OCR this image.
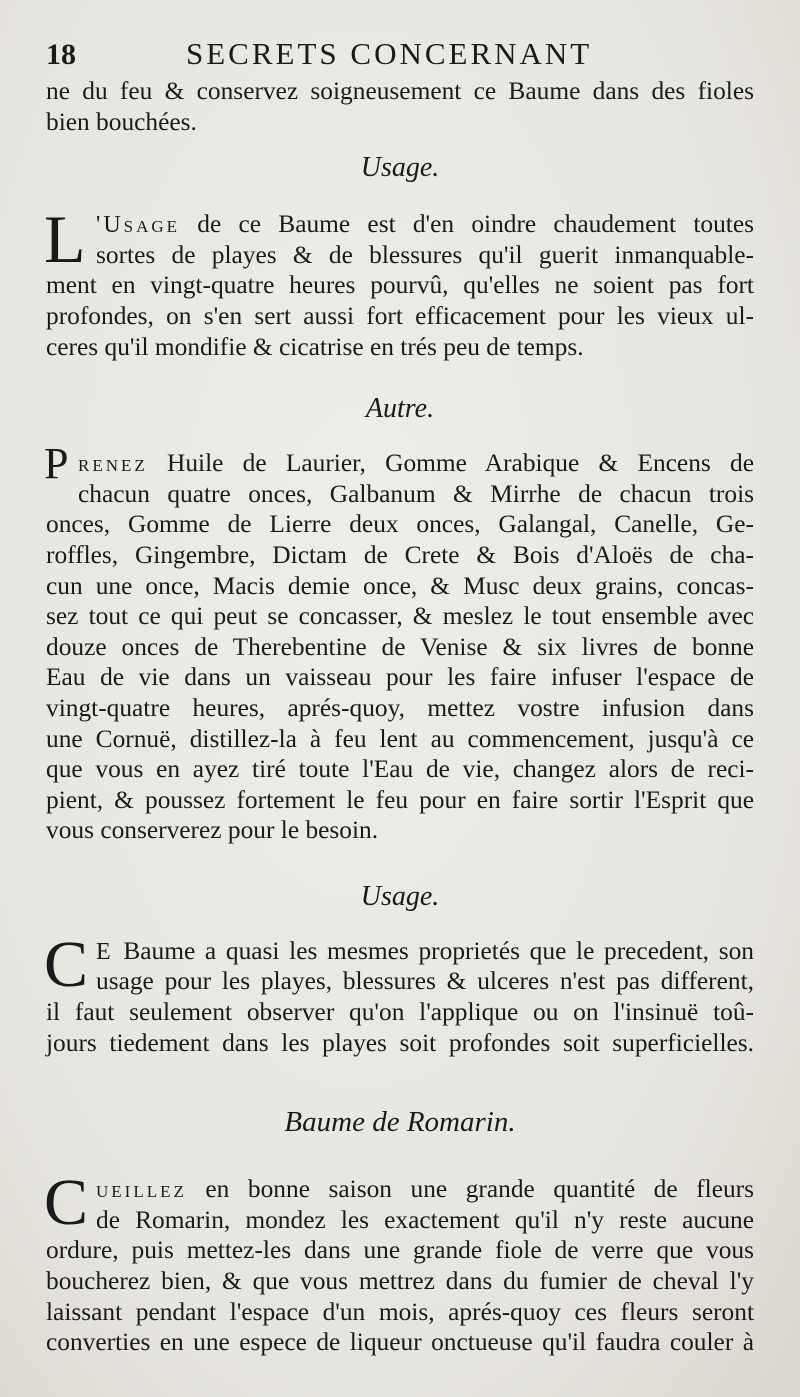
18	SECRETS CONCERNANT
ne du feu & conservez soigneusement ce Baume dans des fioles
bien bouchées.
Usage.
L 'Usage de ce Baume est d'en oindre chaudement toutes
sortes de playes & de blessures qu'il guerit inmanquable-
ment en vingt-quatre heures pourvû, qu'elles ne soient pas fort
profondes, on s'en sert aussi fort efficacement pour les vieux ul-
ceres qu'il mondifie & cicatrise en trés peu de temps.
Autre.
P renez Huile de Laurier, Gomme Arabique & Encens de
chacun quatre onces, Galbanum & Mirrhe de chacun trois
onces, Gomme de Lierre deux onces, Galangal, Canelle, Ge-
roffles, Gingembre, Dictam de Crete & Bois d'Aloës de cha-
cun une once, Macis demie once, & Musc deux grains, concas-
sez tout ce qui peut se concasser, & meslez le tout ensemble avec
douze onces de Therebentine de Venise & six livres de bonne
Eau de vie dans un vaisseau pour les faire infuser l'espace de
vingt-quatre heures, aprés-quoy, mettez vostre infusion dans
une Cornuë, distillez-la à feu lent au commencement, jusqu'à ce
que vous en ayez tiré toute l'Eau de vie, changez alors de reci-
pient, & poussez fortement le feu pour en faire sortir l'Esprit que
vous conserverez pour le besoin.
Usage.
C E Baume a quasi les mesmes proprietés que le precedent, son
usage pour les playes, blessures & ulceres n'est pas different,
il faut seulement observer qu'on l'applique ou on l'insinuë toû-
jours tiedement dans les playes soit profondes soit superficielles.
Baume de Romarin.
C ueillez en bonne saison une grande quantité de fleurs
de Romarin, mondez les exactement qu'il n'y reste aucune
ordure, puis mettez-les dans une grande fiole de verre que vous
boucherez bien, & que vous mettrez dans du fumier de cheval l'y
laissant pendant l'espace d'un mois, aprés-quoy ces fleurs seront
converties en une espece de liqueur onctueuse qu'il faudra couler à
